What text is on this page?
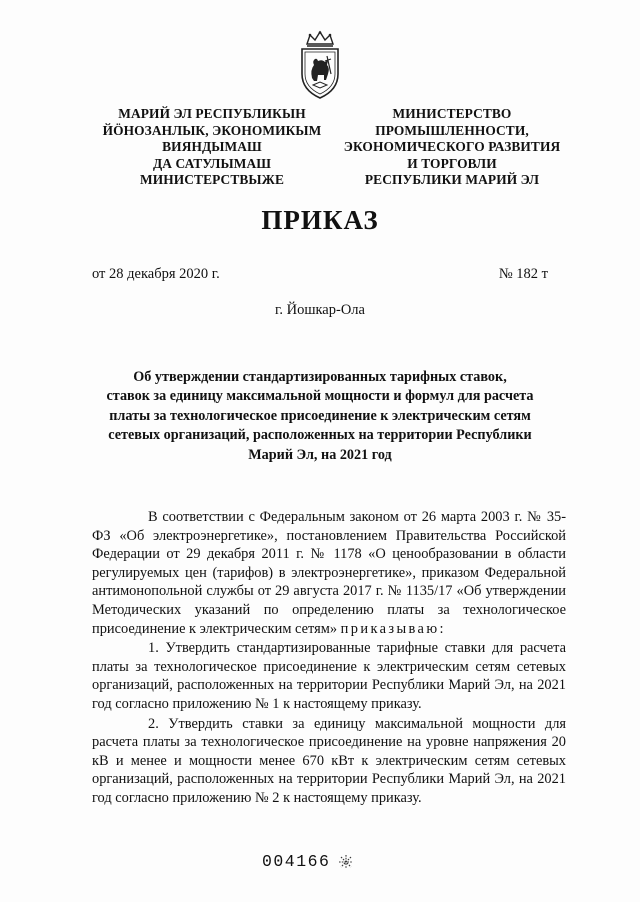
МАРИЙ ЭЛ РЕСПУБЛИКЫН
ЙӦНОЗАНЛЫК, ЭКОНОМИКЫМ
ВИЯНДЫМАШ
ДА САТУЛЫМАШ
МИНИСТЕРСТВЫЖЕ
МИНИСТЕРСТВО
ПРОМЫШЛЕННОСТИ,
ЭКОНОМИЧЕСКОГО РАЗВИТИЯ
И ТОРГОВЛИ
РЕСПУБЛИКИ МАРИЙ ЭЛ
ПРИКАЗ
от 28 декабря 2020 г.	№ 182 т
г. Йошкар-Ола
Об утверждении стандартизированных тарифных ставок,
ставок за единицу максимальной мощности и формул для расчета
платы за технологическое присоединение к электрическим сетям
сетевых организаций, расположенных на территории Республики
Марий Эл, на 2021 год

В соответствии с Федеральным законом от 26 марта 2003 г. № 35-ФЗ «Об электроэнергетике», постановлением Правительства Российской Федерации от 29 декабря 2011 г. № 1178 «О ценообразовании в области регулируемых цен (тарифов) в электроэнергетике», приказом Федеральной антимонопольной службы от 29 августа 2017 г. № 1135/17 «Об утверждении Методических указаний по определению платы за технологическое присоединение к электрическим сетям» приказываю:

1. Утвердить стандартизированные тарифные ставки для расчета платы за технологическое присоединение к электрическим сетям сетевых организаций, расположенных на территории Республики Марий Эл, на 2021 год согласно приложению № 1 к настоящему приказу.

2. Утвердить ставки за единицу максимальной мощности для расчета платы за технологическое присоединение на уровне напряжения 20 кВ и менее и мощности менее 670 кВт к электрическим сетям сетевых организаций, расположенных на территории Республики Марий Эл, на 2021 год согласно приложению № 2 к настоящему приказу.

004166
